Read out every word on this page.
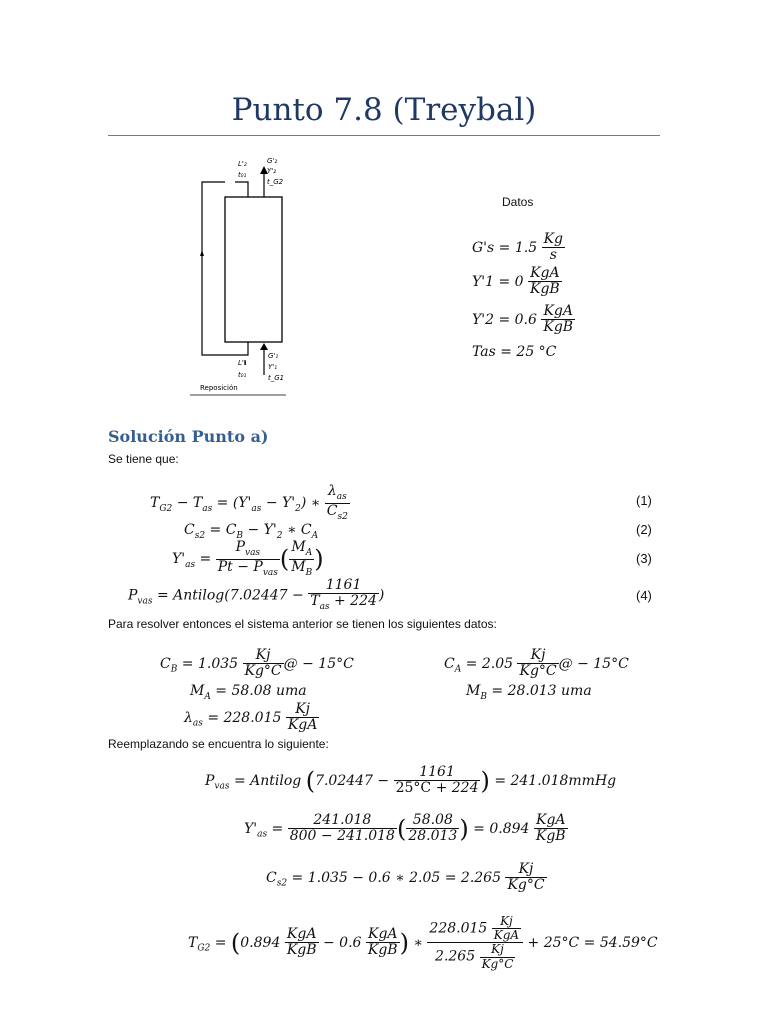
Punto 7.8 (Treybal)
L'₂
t₀₁
G'₂
Y'₂
t_G2
L'₁
t₀₁
G'₁
Y'₁
t_G1
Reposición
Datos
$G's = 1.5 \frac{Kg}{s}$
$Y'1 = 0 \frac{\text{KgA}}{\text{KgB}}$
$Y'2 = 0.6 \frac{\text{KgA}}{\text{KgB}}$
Tas = 25 °C
Solución Punto a)
Se tiene que:
$T_{G2} - T_{as} = (Y'_{as} - Y'_2)$ ∗ $\frac{\lambda_{as}}{C_{s2}}$	(1)
$C_{s2} = C_B - Y'_2$ ∗ $C_A$	(2)
$Y'_{as} = \frac{P_{vas}}{Pt - P_{vas}}$ ( $\frac{M_A}{M_B}$ )	(3)
$P_{vas}$ = Antilog(7.02447 − $\frac{1161}{T_{as} + 224}$ )	(4)
Para resolver entonces el sistema anterior se tienen los siguientes datos:
$C_B = 1.035 \frac{Kj}{Kg^\circ C}$ @ − 15°C	$C_A = 2.05 \frac{Kj}{Kg^\circ C}$ @ − 15°C
$M_A = 58.08$ uma	$M_B = 28.013$ uma
$\lambda_{as} = 228.015 \frac{Kj}{\text{KgA}}$
Reemplazando se encuentra lo siguiente:
$P_{vas}$ = Antilog ($7.02447 - \frac{1161}{25^\circ C + 224}$ ) = 241.018mmHg
$Y'_{as} = \frac{241.018}{800 - 241.018}$ ( $\frac{58.08}{28.013}$ ) = $0.894 \frac{\text{KgA}}{\text{KgB}}$
$C_{s2} = 1.035 - 0.6$ ∗ $2.05 = 2.265 \frac{Kj}{Kg^\circ C}$
$T_{G2} = (0.894 \frac{\text{KgA}}{\text{KgB}} - 0.6 \frac{\text{KgA}}{\text{KgB}}$ ) ∗ $\frac{228.015 \frac{Kj}{\text{KgA}}}{2.265 \frac{Kj}{Kg^\circ C}} + 25^\circ C = 54.59^\circ C$
